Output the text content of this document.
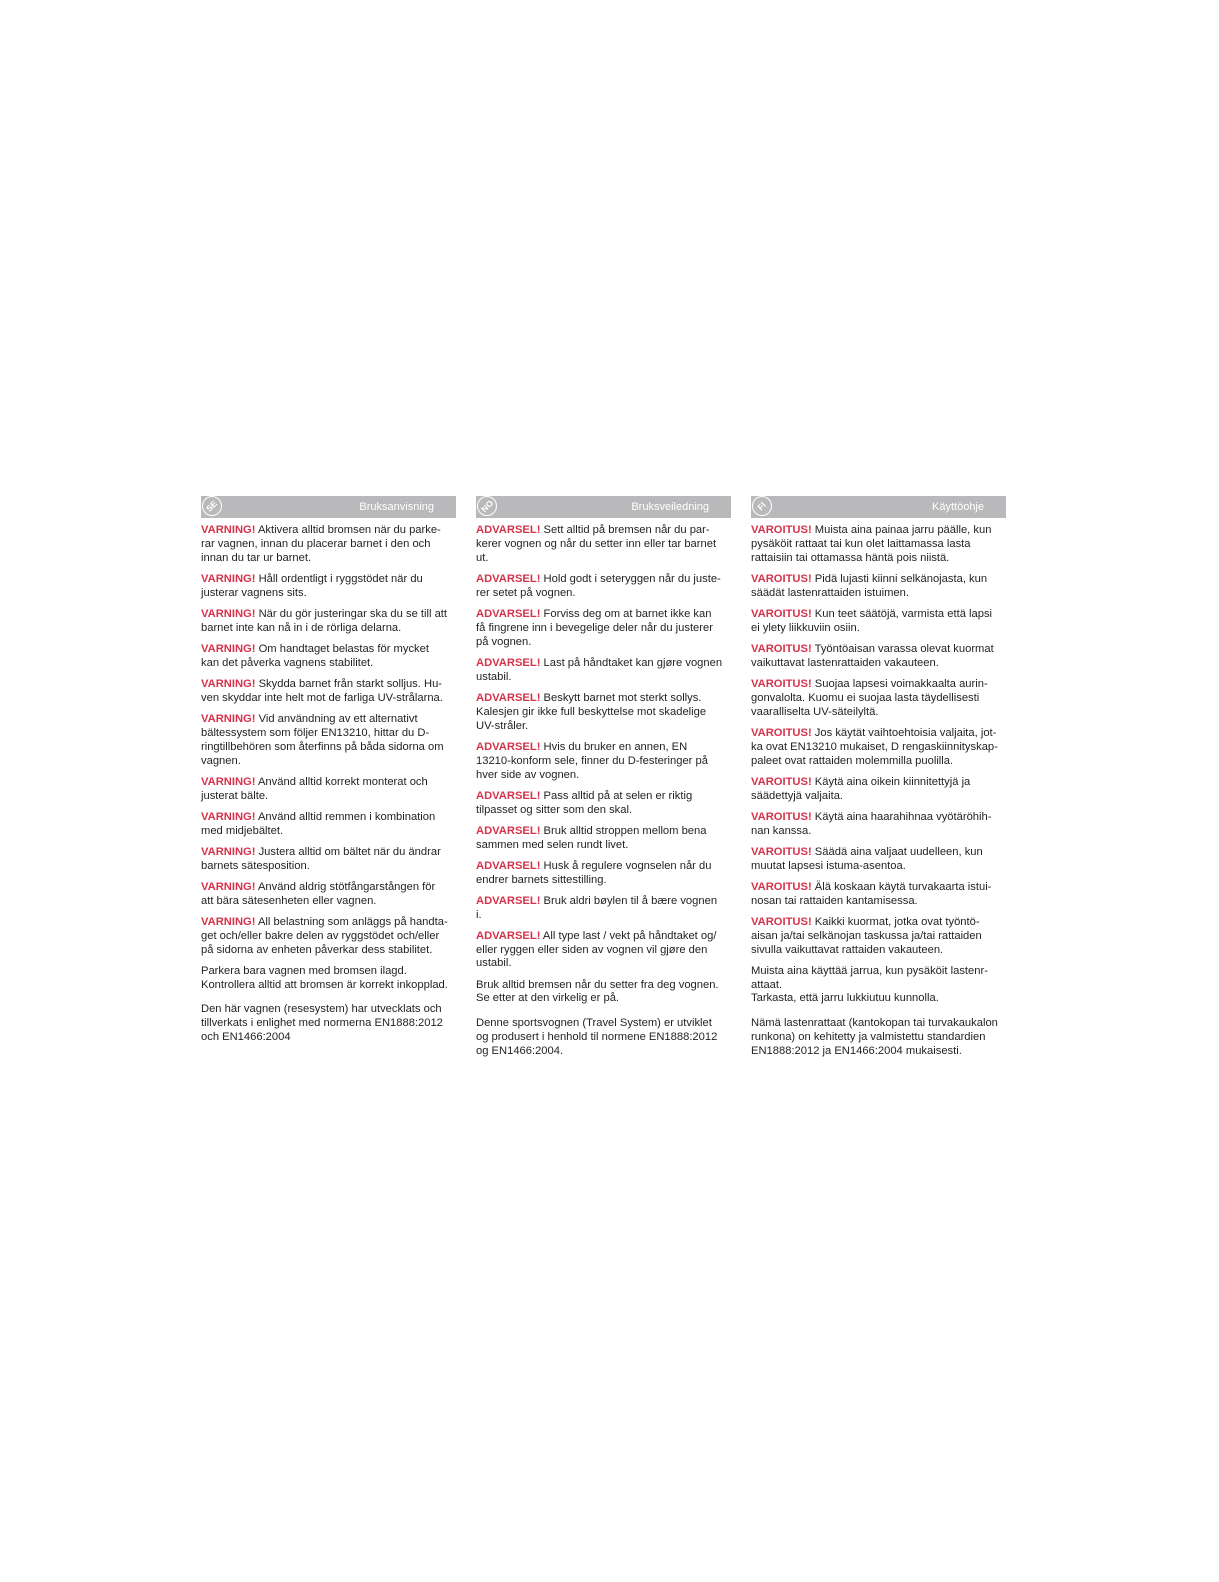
SE	Bruksanvisning

VARNING! Aktivera alltid bromsen när du parke-
rar vagnen, innan du placerar barnet i den och
innan du tar ur barnet.

VARNING! Håll ordentligt i ryggstödet när du
justerar vagnens sits.

VARNING! När du gör justeringar ska du se till att
barnet inte kan nå in i de rörliga delarna.

VARNING! Om handtaget belastas för mycket
kan det påverka vagnens stabilitet.

VARNING! Skydda barnet från starkt solljus. Hu-
ven skyddar inte helt mot de farliga UV-strålarna.

VARNING! Vid användning av ett alternativt
bältessystem som följer EN13210, hittar du D-
ringtillbehören som återfinns på båda sidorna om
vagnen.

VARNING! Använd alltid korrekt monterat och
justerat bälte.

VARNING! Använd alltid remmen i kombination
med midjebältet.

VARNING! Justera alltid om bältet när du ändrar
barnets sätesposition.

VARNING! Använd aldrig stötfångarstången för
att bära sätesenheten eller vagnen.

VARNING! All belastning som anläggs på handta-
get och/eller bakre delen av ryggstödet och/eller
på sidorna av enheten påverkar dess stabilitet.

Parkera bara vagnen med bromsen ilagd.
Kontrollera alltid att bromsen är korrekt inkopplad.

Den här vagnen (resesystem) har utvecklats och
tillverkats i enlighet med normerna EN1888:2012
och EN1466:2004

NO	Bruksveiledning

ADVARSEL! Sett alltid på bremsen når du par-
kerer vognen og når du setter inn eller tar barnet
ut.

ADVARSEL! Hold godt i seteryggen når du juste-
rer setet på vognen.

ADVARSEL! Forviss deg om at barnet ikke kan
få fingrene inn i bevegelige deler når du justerer
på vognen.

ADVARSEL! Last på håndtaket kan gjøre vognen
ustabil.

ADVARSEL! Beskytt barnet mot sterkt sollys.
Kalesjen gir ikke full beskyttelse mot skadelige
UV-stråler.

ADVARSEL! Hvis du bruker en annen, EN
13210-konform sele, finner du D-festeringer på
hver side av vognen.

ADVARSEL! Pass alltid på at selen er riktig
tilpasset og sitter som den skal.

ADVARSEL! Bruk alltid stroppen mellom bena
sammen med selen rundt livet.

ADVARSEL! Husk å regulere vognselen når du
endrer barnets sittestilling.

ADVARSEL! Bruk aldri bøylen til å bære vognen
i.

ADVARSEL! All type last / vekt på håndtaket og/
eller ryggen eller siden av vognen vil gjøre den
ustabil.

Bruk alltid bremsen når du setter fra deg vognen.
Se etter at den virkelig er på.

Denne sportsvognen (Travel System) er utviklet
og produsert i henhold til normene EN1888:2012
og EN1466:2004.

FI	Käyttöohje

VAROITUS! Muista aina painaa jarru päälle, kun
pysäköit rattaat tai kun olet laittamassa lasta
rattaisiin tai ottamassa häntä pois niistä.

VAROITUS! Pidä lujasti kiinni selkänojasta, kun
säädät lastenrattaiden istuimen.

VAROITUS! Kun teet säätöjä, varmista että lapsi
ei ylety liikkuviin osiin.

VAROITUS! Työntöaisan varassa olevat kuormat
vaikuttavat lastenrattaiden vakauteen.

VAROITUS! Suojaa lapsesi voimakkaalta aurin-
gonvalolta. Kuomu ei suojaa lasta täydellisesti
vaaralliselta UV-säteilyltä.

VAROITUS! Jos käytät vaihtoehtoisia valjaita, jot-
ka ovat EN13210 mukaiset, D rengaskiinnityskap-
paleet ovat rattaiden molemmilla puolilla.

VAROITUS! Käytä aina oikein kiinnitettyjä ja
säädettyjä valjaita.

VAROITUS! Käytä aina haarahihnaa vyötäröhih-
nan kanssa.

VAROITUS! Säädä aina valjaat uudelleen, kun
muutat lapsesi istuma-asentoa.

VAROITUS! Älä koskaan käytä turvakaarta istui-
nosan tai rattaiden kantamisessa.

VAROITUS! Kaikki kuormat, jotka ovat työntö-
aisan ja/tai selkänojan taskussa ja/tai rattaiden
sivulla vaikuttavat rattaiden vakauteen.

Muista aina käyttää jarrua, kun pysäköit lastenr-
attaat.
Tarkasta, että jarru lukkiutuu kunnolla.

Nämä lastenrattaat (kantokopan tai turvakaukalon
runkona) on kehitetty ja valmistettu standardien
EN1888:2012 ja EN1466:2004 mukaisesti.
